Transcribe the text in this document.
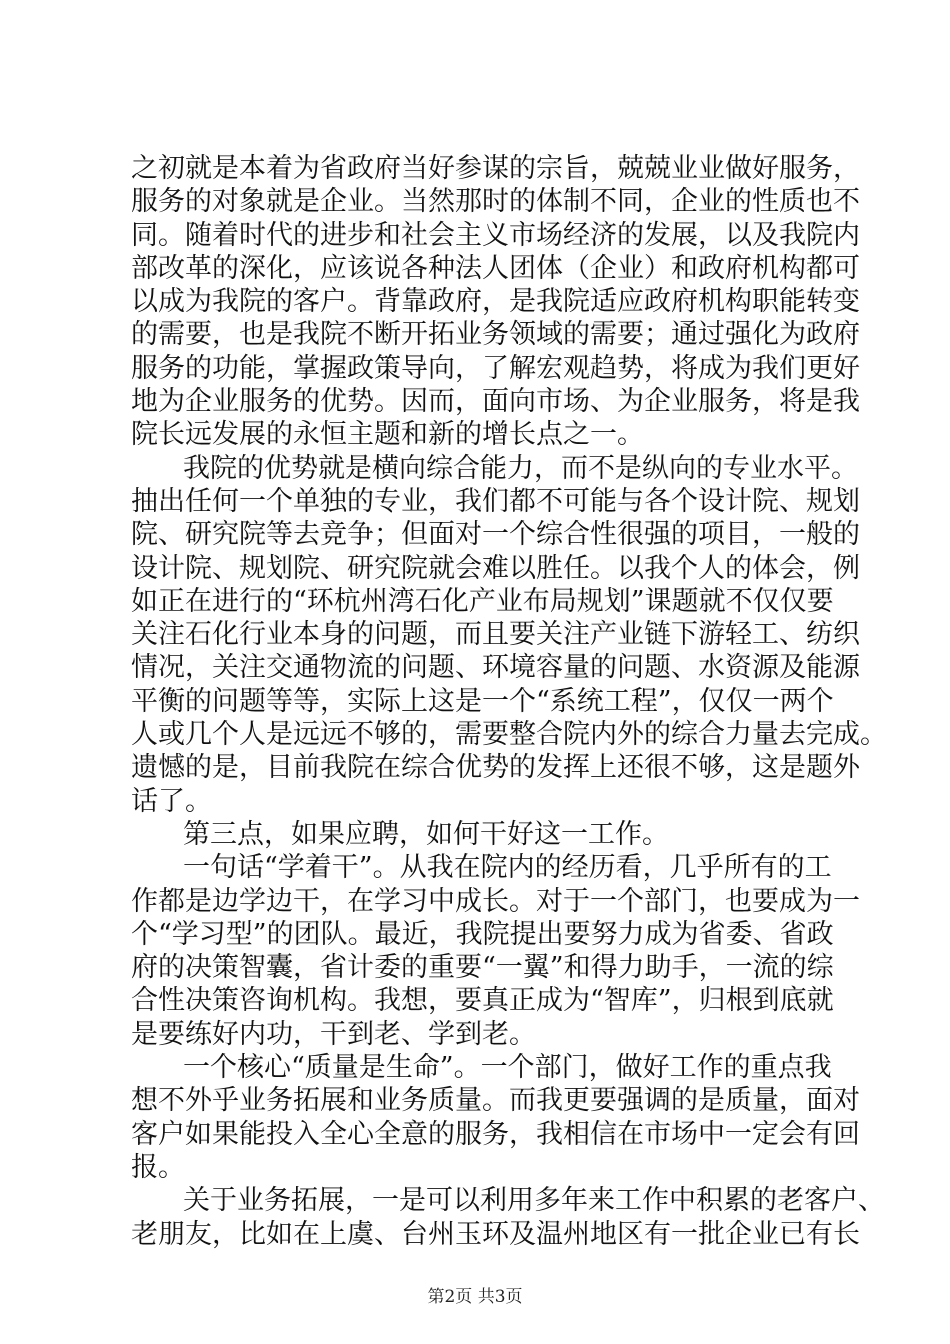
之初就是本着为省政府当好参谋的宗旨，兢兢业业做好服务，
服务的对象就是企业。当然那时的体制不同，企业的性质也不
同。随着时代的进步和社会主义市场经济的发展，以及我院内
部改革的深化，应该说各种法人团体（企业）和政府机构都可
以成为我院的客户。背靠政府，是我院适应政府机构职能转变
的需要，也是我院不断开拓业务领域的需要；通过强化为政府
服务的功能，掌握政策导向，了解宏观趋势，将成为我们更好
地为企业服务的优势。因而，面向市场、为企业服务，将是我
院长远发展的永恒主题和新的增长点之一。
我院的优势就是横向综合能力，而不是纵向的专业水平。
抽出任何一个单独的专业，我们都不可能与各个设计院、规划
院、研究院等去竞争；但面对一个综合性很强的项目，一般的
设计院、规划院、研究院就会难以胜任。以我个人的体会，例
如正在进行的“环杭州湾石化产业布局规划”课题就不仅仅要
关注石化行业本身的问题，而且要关注产业链下游轻工、纺织
情况，关注交通物流的问题、环境容量的问题、水资源及能源
平衡的问题等等，实际上这是一个“系统工程”，仅仅一两个
人或几个人是远远不够的，需要整合院内外的综合力量去完成。
遗憾的是，目前我院在综合优势的发挥上还很不够，这是题外
话了。
第三点，如果应聘，如何干好这一工作。
一句话“学着干”。从我在院内的经历看，几乎所有的工
作都是边学边干，在学习中成长。对于一个部门，也要成为一
个“学习型”的团队。最近，我院提出要努力成为省委、省政
府的决策智囊，省计委的重要“一翼”和得力助手，一流的综
合性决策咨询机构。我想，要真正成为“智库”，归根到底就
是要练好内功，干到老、学到老。
一个核心“质量是生命”。一个部门，做好工作的重点我
想不外乎业务拓展和业务质量。而我更要强调的是质量，面对
客户如果能投入全心全意的服务，我相信在市场中一定会有回
报。
关于业务拓展，一是可以利用多年来工作中积累的老客户、
老朋友，比如在上虞、台州玉环及温州地区有一批企业已有长
第2页 共3页
